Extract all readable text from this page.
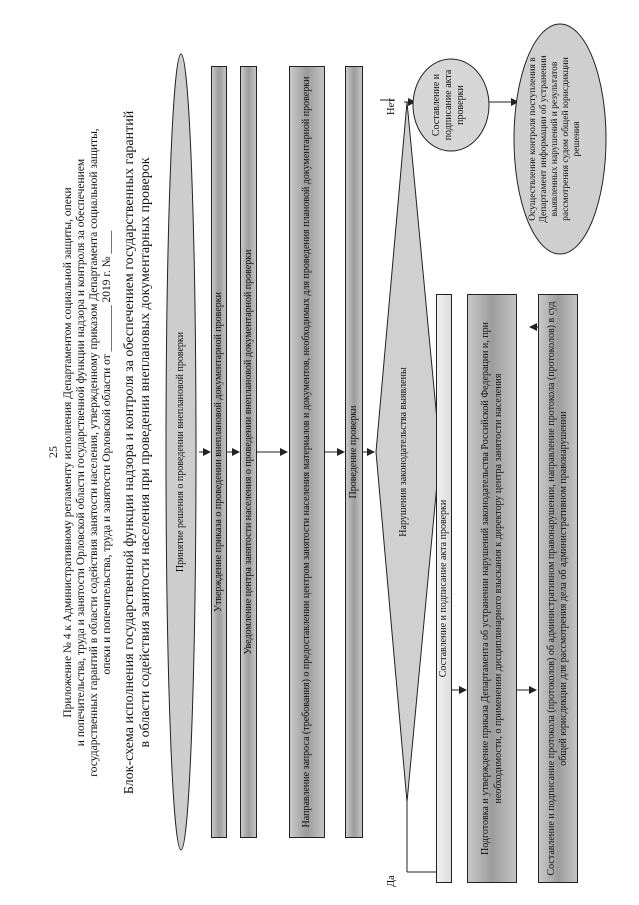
25 Приложение № 4 к Административному регламенту исполнения Департаментом социальной защиты, опеки и попечительства, труда и занятости Орловской области государственной функции надзора и контроля за обеспечением государственных гарантий в области содействия занятости населения, утвержденному приказом Департамента социальной защиты, опеки и попечительства, труда и занятости Орловской области от ________ 2019 г. № ____ Блок-схема исполнения государственной функции надзора и контроля за обеспечением государственных гарантий в области содействия занятости населения при проведении внеплановых документарных проверок Принятие решения о проведении внеплановой проверки	Утверждение приказа о проведении внеплановой документарной проверки	Уведомление центра занятости населения о проведении внеплановой документарной проверки	Направление запроса (требования) о предоставлении центром занятости населения материалов и документов, необходимых для проведения плановой документарной проверки	Проведение проверки	Нарушения законодательства выявлены
Да
Нет
Составление и подписание акта проверки	Подготовка и утверждение приказа Департамента об устранении нарушений законодательства Российской Федерации и, при необходимости, о применении дисциплинарного взыскания к директору центра занятости населения	Составление и подписание протокола (протоколов) об административном правонарушении, направление протокола (протоколов) в суд общей юрисдикции для рассмотрения дела об административном правонарушении
Составление и подписание акта проверки	Осуществление контроля поступления в Департамент информации об устранении выявленных нарушений и результатов рассмотрения судом общей юрисдикции решения
